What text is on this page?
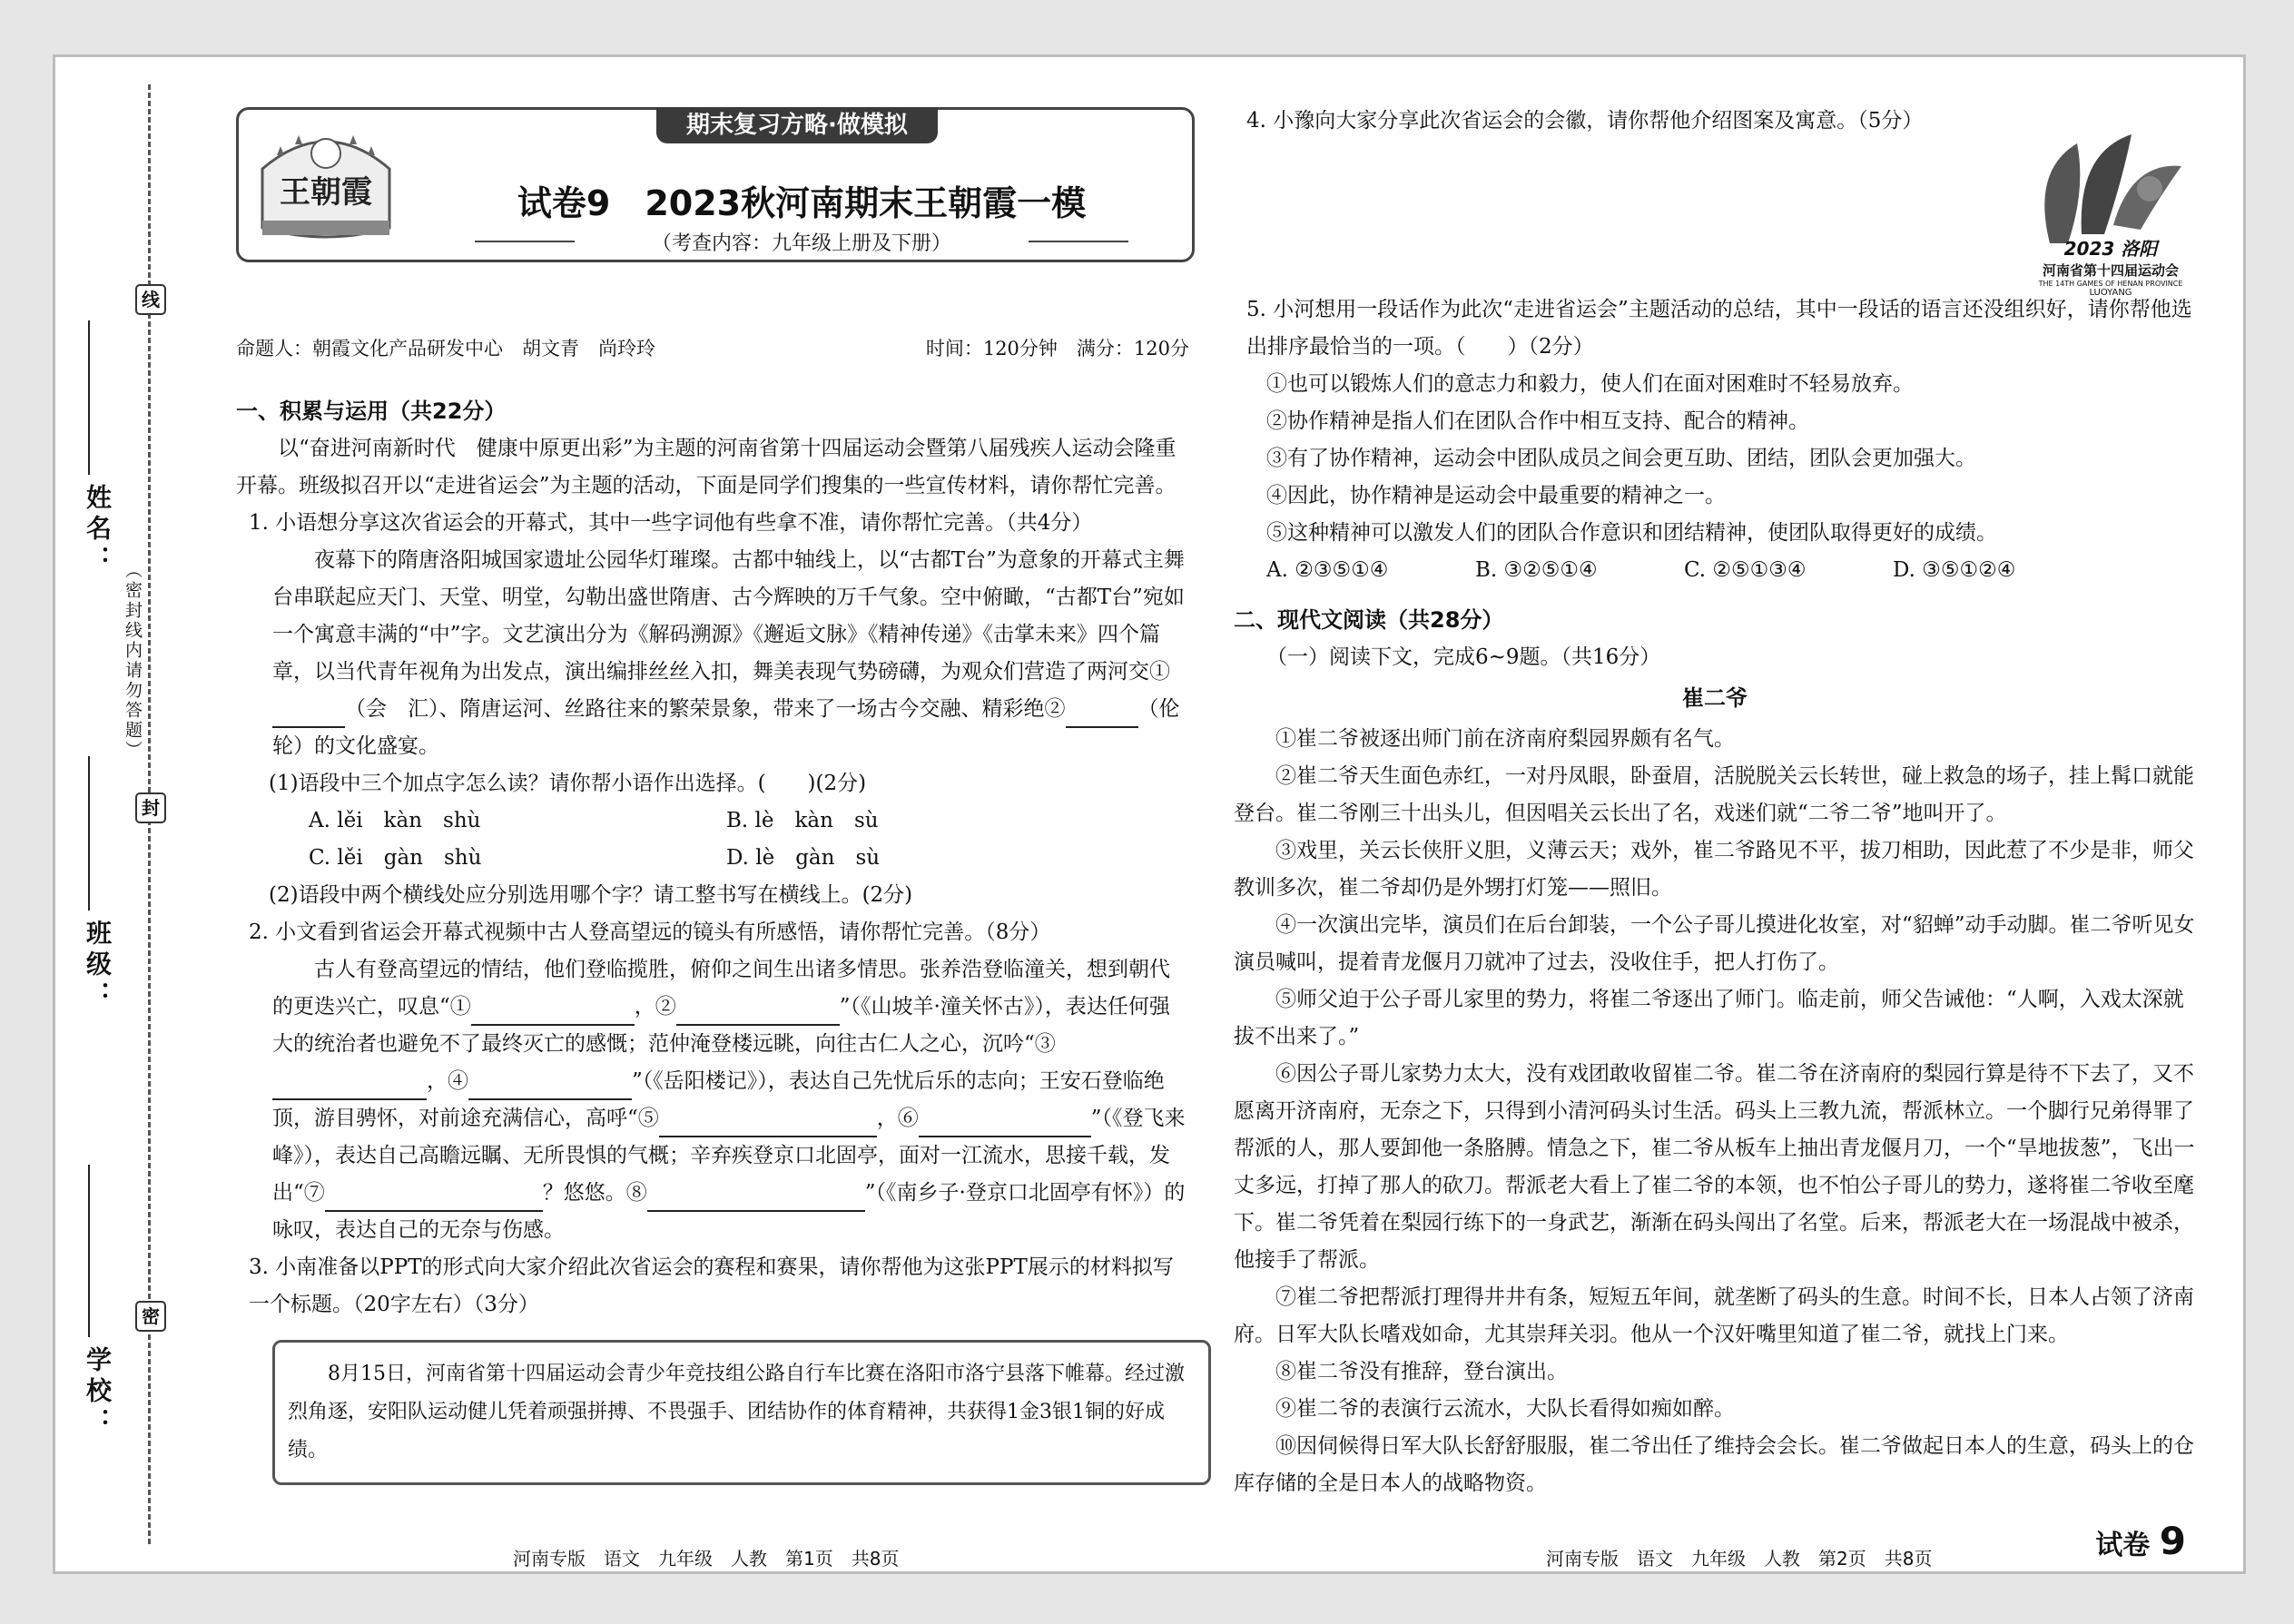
线
封
密
（密封线内请勿答题）
姓名：
班级：
学校：
期末复习方略·做模拟
王朝霞	试卷9　2023秋河南期末王朝霞一模
（考查内容：九年级上册及下册）
命题人：朝霞文化产品研发中心　胡文青　尚玲玲	时间：120分钟　满分：120分

一、积累与运用（共22分）

以“奋进河南新时代　健康中原更出彩”为主题的河南省第十四届运动会暨第八届残疾人运动会隆重开幕。班级拟召开以“走进省运会”为主题的活动，下面是同学们搜集的一些宣传材料，请你帮忙完善。

1. 小语想分享这次省运会的开幕式，其中一些字词他有些拿不准，请你帮忙完善。（共4分）

夜幕下的隋唐洛阳城国家遗址公园华灯璀璨。古都中轴线上，以“古都T台”为意象的开幕式主舞台串联起应天门、天堂、明堂，勾勒出盛世隋唐、古今辉映的万千气象。空中俯瞰，“古都T台”宛如一个寓意丰满的“中”字。文艺演出分为《解码溯源》《邂逅文脉》《精神传递》《击掌未来》四个篇章，以当代青年视角为出发点，演出编排丝丝入扣，舞美表现气势磅礴，为观众们营造了两河交①（会　汇）、隋唐运河、丝路往来的繁荣景象，带来了一场古今交融、精彩绝②	（伦　轮）的文化盛宴。

(1)语段中三个加点字怎么读？请你帮小语作出选择。(　　)(2分)

A. lěi　kàn　shù	B. lè　kàn　sù

C. lěi　gàn　shù	D. lè　gàn　sù

(2)语段中两个横线处应分别选用哪个字？请工整书写在横线上。(2分)

2. 小文看到省运会开幕式视频中古人登高望远的镜头有所感悟，请你帮忙完善。（8分）

古人有登高望远的情结，他们登临揽胜，俯仰之间生出诸多情思。张养浩登临潼关，想到朝代的更迭兴亡，叹息“①	，②	”（《山坡羊·潼关怀古》），表达任何强大的统治者也避免不了最终灭亡的感慨；范仲淹登楼远眺，向往古仁人之心，沉吟“③，④	”（《岳阳楼记》），表达自己先忧后乐的志向；王安石登临绝顶，游目骋怀，对前途充满信心，高呼“⑤	，⑥	”（《登飞来峰》），表达自己高瞻远瞩、无所畏惧的气概；辛弃疾登京口北固亭，面对一江流水，思接千载，发出“⑦	？悠悠。⑧	”（《南乡子·登京口北固亭有怀》）的咏叹，表达自己的无奈与伤感。

3. 小南准备以PPT的形式向大家介绍此次省运会的赛程和赛果，请你帮他为这张PPT展示的材料拟写一个标题。（20字左右）（3分）

8月15日，河南省第十四届运动会青少年竞技组公路自行车比赛在洛阳市洛宁县落下帷幕。经过激烈角逐，安阳队运动健儿凭着顽强拼搏、不畏强手、团结协作的体育精神，共获得1金3银1铜的好成绩。
河南专版　语文　九年级　人教　第1页　共8页
2023 洛阳
河南省第十四届运动会
THE 14TH GAMES OF HENAN PROVINCE
LUOYANG

4. 小豫向大家分享此次省运会的会徽，请你帮他介绍图案及寓意。（5分）

5. 小河想用一段话作为此次“走进省运会”主题活动的总结，其中一段话的语言还没组织好，请你帮他选出排序最恰当的一项。（　　）（2分）

①也可以锻炼人们的意志力和毅力，使人们在面对困难时不轻易放弃。

②协作精神是指人们在团队合作中相互支持、配合的精神。

③有了协作精神，运动会中团队成员之间会更互助、团结，团队会更加强大。

④因此，协作精神是运动会中最重要的精神之一。

⑤这种精神可以激发人们的团队合作意识和团结精神，使团队取得更好的成绩。

A. ②③⑤①④	B. ③②⑤①④	C. ②⑤①③④	D. ③⑤①②④

二、现代文阅读（共28分）

（一）阅读下文，完成6~9题。（共16分）

崔二爷

①崔二爷被逐出师门前在济南府梨园界颇有名气。

②崔二爷天生面色赤红，一对丹凤眼，卧蚕眉，活脱脱关云长转世，碰上救急的场子，挂上髯口就能登台。崔二爷刚三十出头儿，但因唱关云长出了名，戏迷们就“二爷二爷”地叫开了。

③戏里，关云长侠肝义胆，义薄云天；戏外，崔二爷路见不平，拔刀相助，因此惹了不少是非，师父教训多次，崔二爷却仍是外甥打灯笼——照旧。

④一次演出完毕，演员们在后台卸装，一个公子哥儿摸进化妆室，对“貂蝉”动手动脚。崔二爷听见女演员喊叫，提着青龙偃月刀就冲了过去，没收住手，把人打伤了。

⑤师父迫于公子哥儿家里的势力，将崔二爷逐出了师门。临走前，师父告诫他：“人啊，入戏太深就拔不出来了。”

⑥因公子哥儿家势力太大，没有戏团敢收留崔二爷。崔二爷在济南府的梨园行算是待不下去了，又不愿离开济南府，无奈之下，只得到小清河码头讨生活。码头上三教九流，帮派林立。一个脚行兄弟得罪了帮派的人，那人要卸他一条胳膊。情急之下，崔二爷从板车上抽出青龙偃月刀，一个“旱地拔葱”，飞出一丈多远，打掉了那人的砍刀。帮派老大看上了崔二爷的本领，也不怕公子哥儿的势力，遂将崔二爷收至麾下。崔二爷凭着在梨园行练下的一身武艺，渐渐在码头闯出了名堂。后来，帮派老大在一场混战中被杀，他接手了帮派。

⑦崔二爷把帮派打理得井井有条，短短五年间，就垄断了码头的生意。时间不长，日本人占领了济南府。日军大队长嗜戏如命，尤其崇拜关羽。他从一个汉奸嘴里知道了崔二爷，就找上门来。

⑧崔二爷没有推辞，登台演出。

⑨崔二爷的表演行云流水，大队长看得如痴如醉。

⑩因伺候得日军大队长舒舒服服，崔二爷出任了维持会会长。崔二爷做起日本人的生意，码头上的仓库存储的全是日本人的战略物资。

河南专版　语文　九年级　人教　第2页　共8页	试卷 9
